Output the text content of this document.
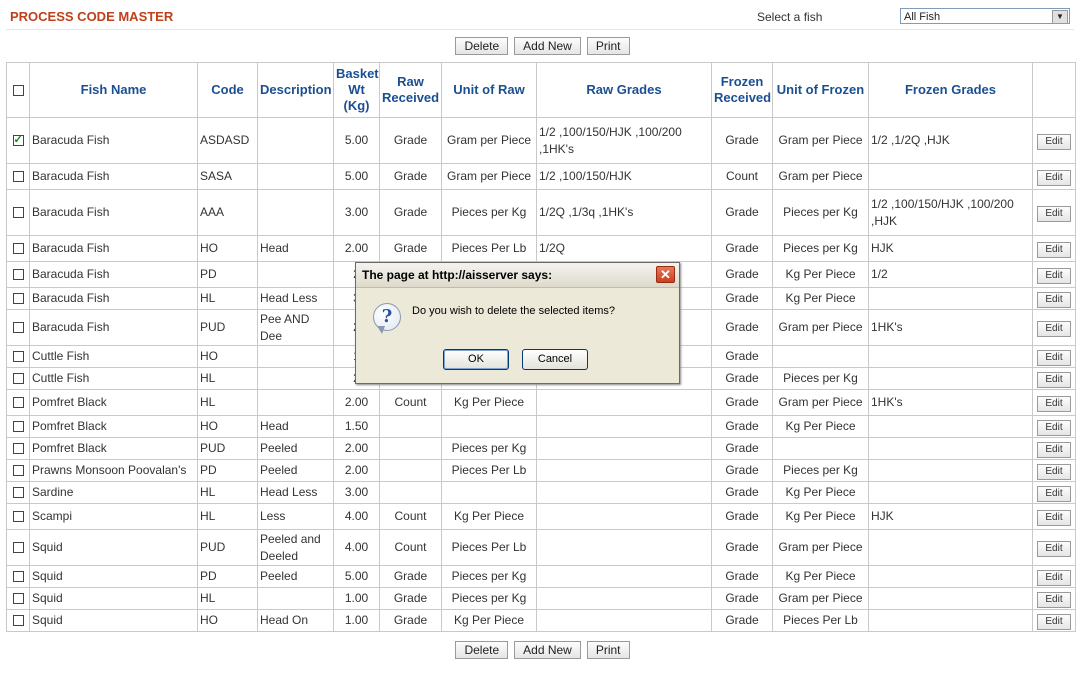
PROCESS CODE MASTER	Select a fish	All Fish	▼
Delete Add New Print
	Fish Name	Code	Description	Basket Wt (Kg)	Raw Received	Unit of Raw	Raw Grades	Frozen Received	Unit of Frozen	Frozen Grades	
✓	Baracuda Fish	ASDASD		5.00	Grade	Gram per Piece	1/2 ,100/150/HJK ,100/200 ,1HK's	Grade	Gram per Piece	1/2 ,1/2Q ,HJK	Edit
	Baracuda Fish	SASA		5.00	Grade	Gram per Piece	1/2 ,100/150/HJK	Count	Gram per Piece		Edit
	Baracuda Fish	AAA		3.00	Grade	Pieces per Kg	1/2Q ,1/3q ,1HK's	Grade	Pieces per Kg	1/2 ,100/150/HJK ,100/200 ,HJK	Edit
	Baracuda Fish	HO	Head	2.00	Grade	Pieces Per Lb	1/2Q	Grade	Pieces per Kg	HJK	Edit
	Baracuda Fish	PD						Grade	Kg Per Piece	1/2	Edit
	Baracuda Fish	HL	Head Less					Grade	Kg Per Piece		Edit
	Baracuda Fish	PUD	Pee AND Dee					Grade	Gram per Piece	1HK's	Edit
	Cuttle Fish	HO						Grade			Edit
	Cuttle Fish	HL						Grade	Pieces per Kg		Edit
	Pomfret Black	HL		2.00	Count	Kg Per Piece		Grade	Gram per Piece	1HK's	Edit
	Pomfret Black	HO	Head	1.50				Grade	Kg Per Piece		Edit
	Pomfret Black	PUD	Peeled	2.00		Pieces per Kg		Grade			Edit
	Prawns Monsoon Poovalan's	PD	Peeled	2.00		Pieces Per Lb		Grade	Pieces per Kg		Edit
	Sardine	HL	Head Less	3.00				Grade	Kg Per Piece		Edit
	Scampi	HL	Less	4.00	Count	Kg Per Piece		Grade	Kg Per Piece	HJK	Edit
	Squid	PUD	Peeled and Deeled	4.00	Count	Pieces Per Lb		Grade	Gram per Piece		Edit
	Squid	PD	Peeled	5.00	Grade	Pieces per Kg		Grade	Kg Per Piece		Edit
	Squid	HL		1.00	Grade	Pieces per Kg		Grade	Gram per Piece		Edit
	Squid	HO	Head On	1.00	Grade	Kg Per Piece		Grade	Pieces Per Lb		Edit
Delete Add New Print
The page at http://aisserver says:	✕
?	Do you wish to delete the selected items?
OK	Cancel
